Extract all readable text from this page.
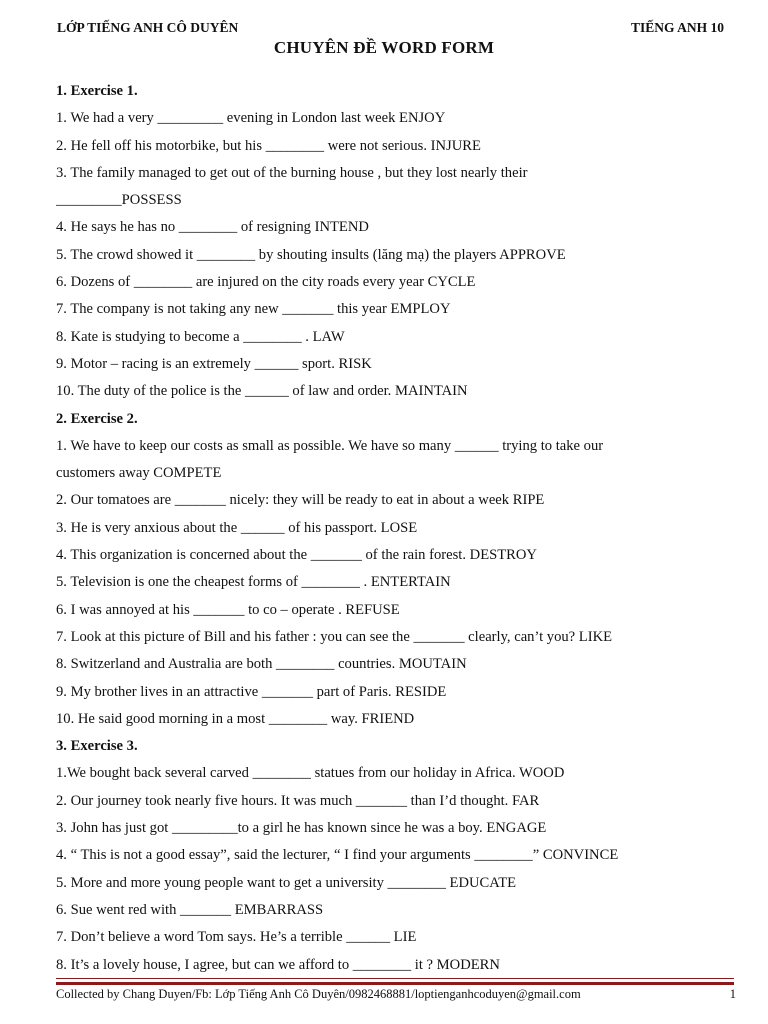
LỚP TIẾNG ANH CÔ DUYÊN	TIẾNG ANH 10
CHUYÊN ĐỀ WORD FORM
1. Exercise 1.
1. We had a very _________ evening in London last week ENJOY
2. He fell off his motorbike, but his ________ were not serious. INJURE
3. The family managed to get out of the burning house , but they lost nearly their
_________POSSESS
4. He says he has no ________ of resigning INTEND
5. The crowd showed it ________ by shouting insults (lăng mạ) the players APPROVE
6. Dozens of ________ are injured on the city roads every year CYCLE
7. The company is not taking any new _______ this year EMPLOY
8. Kate is studying to become a ________ . LAW
9. Motor – racing is an extremely ______ sport. RISK
10. The duty of the police is the ______ of law and order. MAINTAIN
2. Exercise 2.
1. We have to keep our costs as small as possible. We have so many ______ trying to take our
customers away COMPETE
2. Our tomatoes are _______ nicely: they will be ready to eat in about a week RIPE
3. He is very anxious about the ______ of his passport. LOSE
4. This organization is concerned about the _______ of the rain forest. DESTROY
5. Television is one the cheapest forms of ________ . ENTERTAIN
6. I was annoyed at his _______ to co – operate . REFUSE
7. Look at this picture of Bill and his father : you can see the _______ clearly, can’t you? LIKE
8. Switzerland and Australia are both ________ countries. MOUTAIN
9. My brother lives in an attractive _______ part of Paris. RESIDE
10. He said good morning in a most ________ way. FRIEND
3. Exercise 3.
1.We bought back several carved ________ statues from our holiday in Africa. WOOD
2. Our journey took nearly five hours. It was much _______ than I’d thought. FAR
3. John has just got _________to a girl he has known since he was a boy. ENGAGE
4. “ This is not a good essay”, said the lecturer, “ I find your arguments ________” CONVINCE
5. More and more young people want to get a university ________ EDUCATE
6. Sue went red with _______ EMBARRASS
7. Don’t believe a word Tom says. He’s a terrible ______ LIE
8. It’s a lovely house, I agree, but can we afford to ________ it ? MODERN
Collected by Chang Duyen/Fb: Lớp Tiếng Anh Cô Duyên/0982468881/loptienganhcoduyen@gmail.com	1
